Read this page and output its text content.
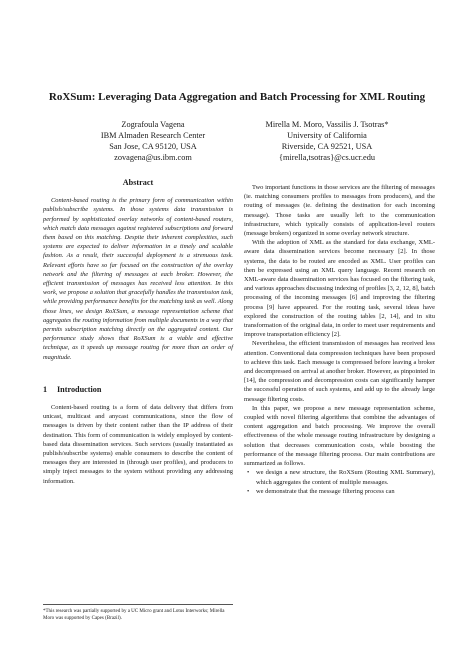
RoXSum: Leveraging Data Aggregation and Batch Processing for XML Routing
Zografoula Vagena
IBM Almaden Research Center
San Jose, CA 95120, USA
zovagena@us.ibm.com
Mirella M. Moro, Vassilis J. Tsotras*
University of California
Riverside, CA 92521, USA
{mirella,tsotras}@cs.ucr.edu
Abstract

Content-based routing is the primary form of communication within publish/subscribe systems. In those systems data transmission is performed by sophisticated overlay networks of content-based routers, which match data messages against registered subscriptions and forward them based on this matching. Despite their inherent complexities, such systems are expected to deliver information in a timely and scalable fashion. As a result, their successful deployment is a strenuous task. Relevant efforts have so far focused on the construction of the overlay network and the filtering of messages at each broker. However, the efficient transmission of messages has received less attention. In this work, we propose a solution that gracefully handles the transmission task, while providing performance benefits for the matching task as well. Along those lines, we design RoXSum, a message representation scheme that aggregates the routing information from multiple documents in a way that permits subscription matching directly on the aggregated content. Our performance study shows that RoXSum is a viable and effective technique, as it speeds up message routing for more than an order of magnitude.

1 Introduction

Content-based routing is a form of data delivery that differs from unicast, multicast and anycast communications, since the flow of messages is driven by their content rather than the IP address of their destination. This form of communication is widely employed by content-based data dissemination services. Such services (usually instantiated as publish/subscribe systems) enable consumers to describe the content of messages they are interested in (through user profiles), and producers to simply inject messages to the system without providing any addressing information.

*This research was partially supported by a UC Micro grant and Lotus Interworks; Mirella Moro was supported by Capes (Brazil).

Two important functions in those services are the filtering of messages (ie. matching consumers profiles to messages from producers), and the routing of messages (ie. defining the destination for each incoming message). Those tasks are usually left to the communication infrastructure, which typically consists of application-level routers (message brokers) organized in some overlay network structure.

With the adoption of XML as the standard for data exchange, XML-aware data dissemination services become necessary [2]. In those systems, the data to be routed are encoded as XML. User profiles can then be expressed using an XML query language. Recent research on XML-aware data dissemination services has focused on the filtering task, and various approaches discussing indexing of profiles [3, 2, 12, 8], batch processing of the incoming messages [6] and improving the filtering process [9] have appeared. For the routing task, several ideas have explored the construction of the routing tables [2, 14], and in situ transformation of the original data, in order to meet user requirements and improve transportation efficiency [2].

Nevertheless, the efficient transmission of messages has received less attention. Conventional data compression techniques have been proposed to achieve this task. Each message is compressed before leaving a broker and decompressed on arrival at another broker. However, as pinpointed in [14], the compression and decompression costs can significantly hamper the successful operation of such systems, and add up to the already large message filtering costs.

In this paper, we propose a new message representation scheme, coupled with novel filtering algorithms that combine the advantages of content aggregation and batch processing. We improve the overall effectiveness of the whole message routing infrastructure by designing a solution that decreases communication costs, while boosting the performance of the message filtering process. Our main contributions are summarized as follows.

• we design a new structure, the RoXSum (Routing XML Summary), which aggregates the content of multiple messages.
• we demonstrate that the message filtering process can
